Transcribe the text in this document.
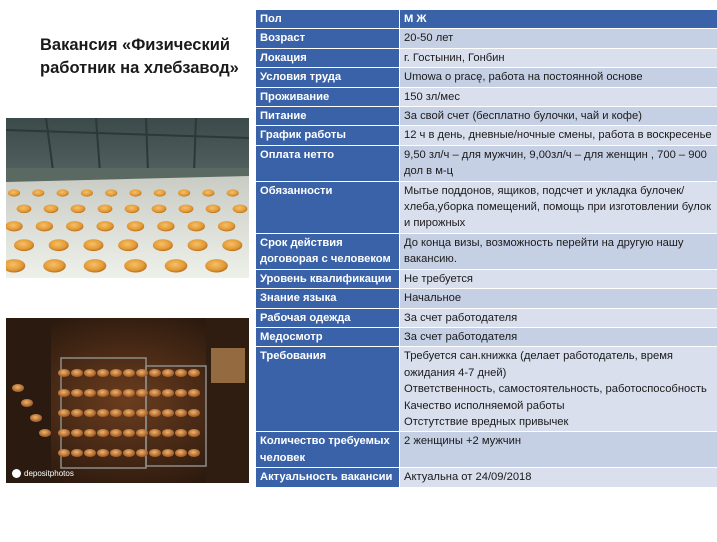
Вакансия «Физический работник на хлебзавод»
depositphotos
Пол	М Ж
Возраст	20-50 лет
Локация	г. Гостынин, Гонбин
Условия труда	Umowa o pracę, работа на постоянной основе
Проживание	150 зл/мес
Питание	За свой счет (бесплатно булочки, чай и кофе)
График работы	12 ч в день, дневные/ночные смены, работа в воскресенье
Оплата нетто	9,50 зл/ч – для мужчин, 9,00зл/ч – для женщин , 700 – 900 дол в м-ц
Обязанности	Мытье поддонов, ящиков, подсчет и укладка булочек/хлеба,уборка помещений, помощь при изготовлении булок и пирожных
Срок действия договорая с человеком	До конца визы, возможность перейти на другую нашу вакансию.
Уровень квалификации	Не требуется
Знание языка	Начальное
Рабочая одежда	За счет работодателя
Медосмотр	За счет работодателя
Требования	Требуется сан.книжка (делает работодатель, время ожидания 4-7 дней)
Ответственность, самостоятельность, работоспособность
Качество исполняемой работы
Отстутствие вредных привычек

Количество требуемых человек	2 женщины +2 мужчин
Актуальность вакансии	Актуальна от 24/09/2018
